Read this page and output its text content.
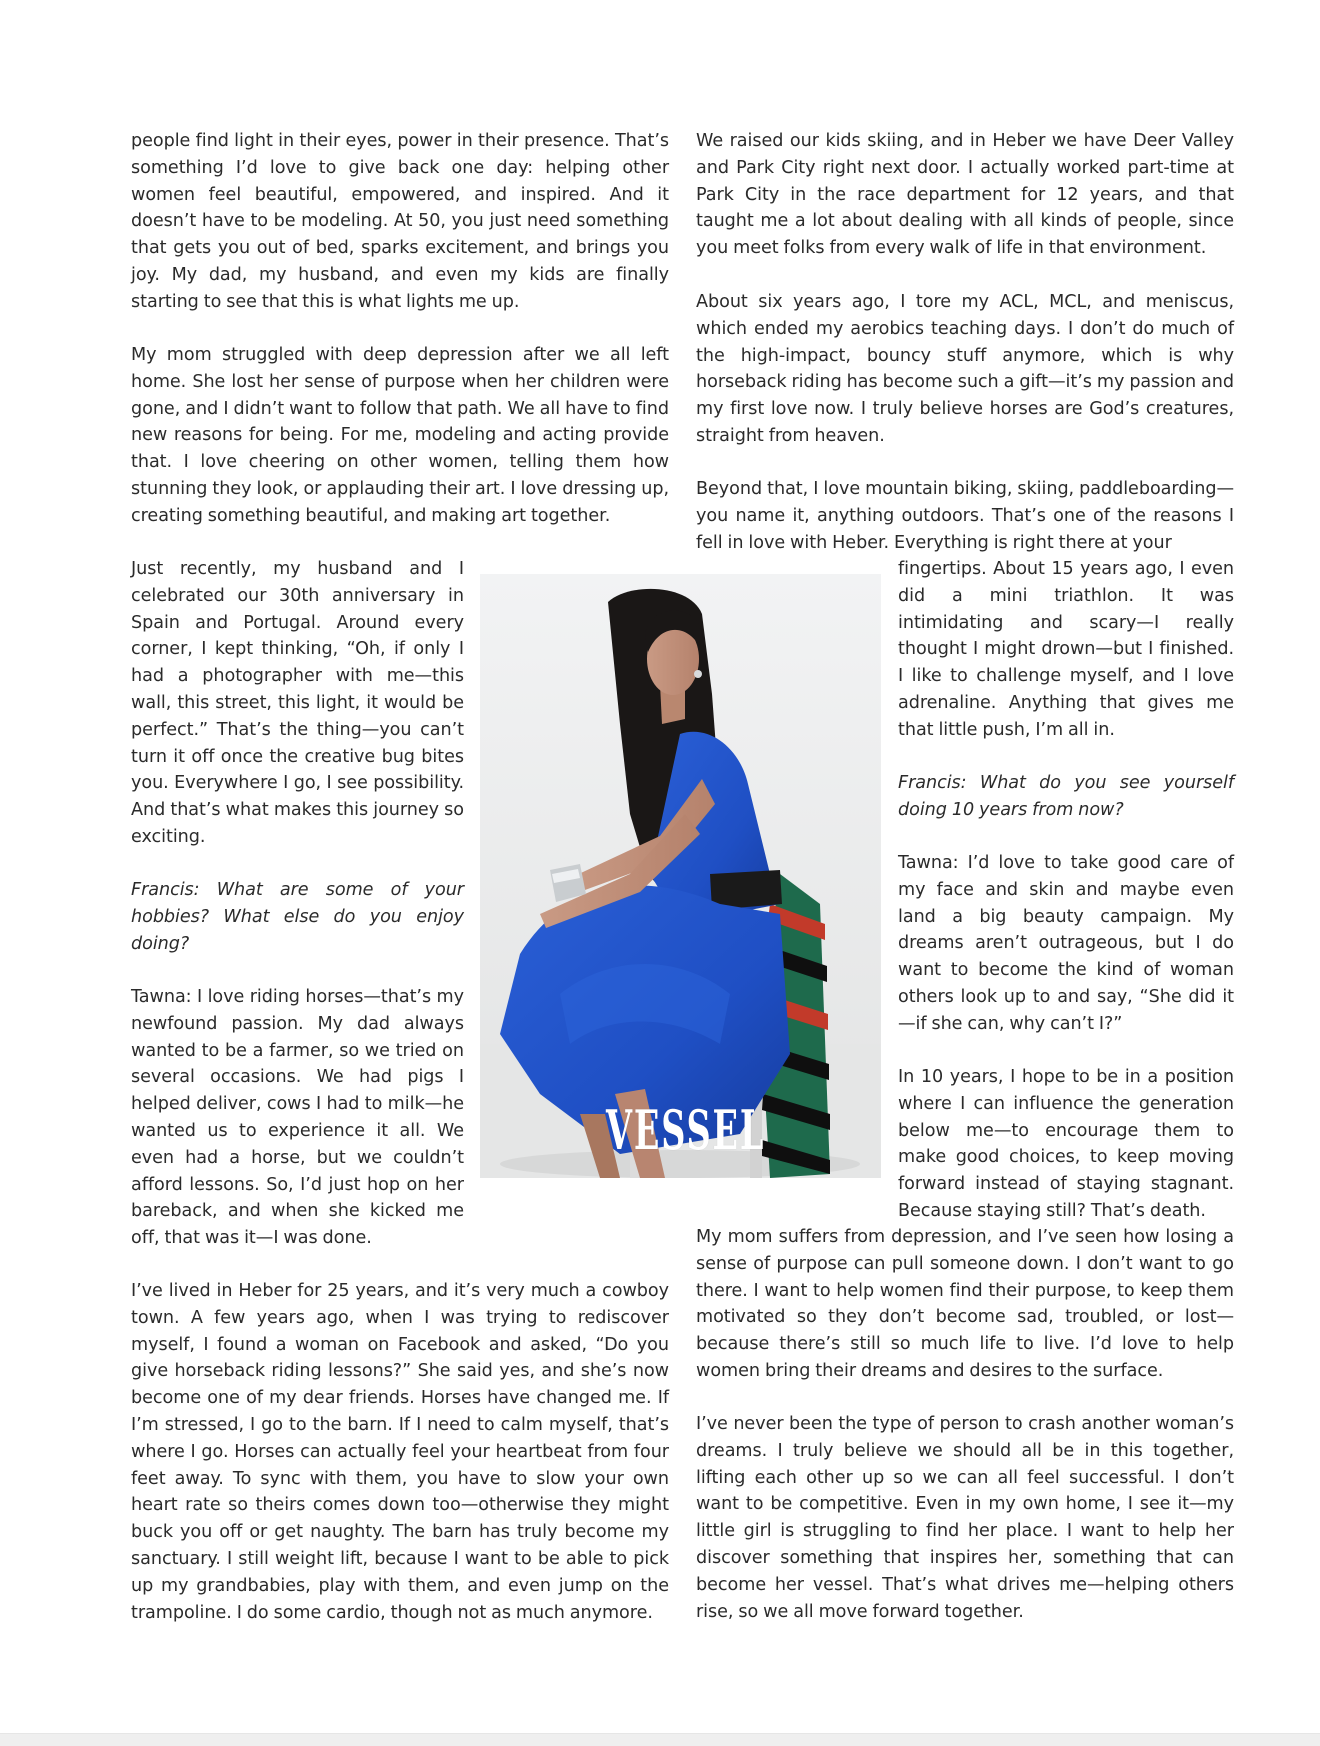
people find light in their eyes, power in their presence. That’s something I’d love to give back one day: helping other women feel beautiful, empowered, and inspired. And it doesn’t have to be modeling. At 50, you just need something that gets you out of bed, sparks excitement, and brings you joy. My dad, my husband, and even my kids are finally starting to see that this is what lights me up.

My mom struggled with deep depression after we all left home. She lost her sense of purpose when her children were gone, and I didn’t want to follow that path. We all have to find new reasons for being. For me, modeling and acting provide that. I love cheering on other women, telling them how stunning they look, or applauding their art. I love dressing up, creating something beautiful, and making art together.

Just recently, my husband and I celebrated our 30th anniversary in Spain and Portugal. Around every corner, I kept thinking, “Oh, if only I had a photographer with me—this wall, this street, this light, it would be perfect.” That’s the thing—you can’t turn it off once the creative bug bites you. Everywhere I go, I see possibility. And that’s what makes this journey so exciting.

Francis: What are some of your hobbies? What else do you enjoy doing?

Tawna: I love riding horses—that’s my newfound passion. My dad always wanted to be a farmer, so we tried on several occasions. We had pigs I helped deliver, cows I had to milk—he wanted us to experience it all. We even had a horse, but we couldn’t afford lessons. So, I’d just hop on her bareback, and when she kicked me off, that was it—I was done.

I’ve lived in Heber for 25 years, and it’s very much a cowboy town. A few years ago, when I was trying to rediscover myself, I found a woman on Facebook and asked, “Do you give horseback riding lessons?” She said yes, and she’s now become one of my dear friends. Horses have changed me. If I’m stressed, I go to the barn. If I need to calm myself, that’s where I go. Horses can actually feel your heartbeat from four feet away. To sync with them, you have to slow your own heart rate so theirs comes down too—otherwise they might buck you off or get naughty. The barn has truly become my sanctuary. I still weight lift, because I want to be able to pick up my grandbabies, play with them, and even jump on the trampoline. I do some cardio, though not as much anymore.

We raised our kids skiing, and in Heber we have Deer Valley and Park City right next door. I actually worked part-time at Park City in the race department for 12 years, and that taught me a lot about dealing with all kinds of people, since you meet folks from every walk of life in that environment.

About six years ago, I tore my ACL, MCL, and meniscus, which ended my aerobics teaching days. I don’t do much of the high-impact, bouncy stuff anymore, which is why horseback riding has become such a gift—it’s my passion and my first love now. I truly believe horses are God’s creatures, straight from heaven.

Beyond that, I love mountain biking, skiing, paddleboarding—you name it, anything outdoors. That’s one of the reasons I fell in love with Heber. Everything is right there at your

fingertips. About 15 years ago, I even did a mini triathlon. It was intimidating and scary—I really thought I might drown—but I finished. I like to challenge myself, and I love adrenaline. Anything that gives me that little push, I’m all in.

Francis: What do you see yourself doing 10 years from now?

Tawna: I’d love to take good care of my face and skin and maybe even land a big beauty campaign. My dreams aren’t outrageous, but I do want to become the kind of woman others look up to and say, “She did it—if she can, why can’t I?”

In 10 years, I hope to be in a position where I can influence the generation below me—to encourage them to make good choices, to keep moving forward instead of staying stagnant. Because staying still? That’s death.

My mom suffers from depression, and I’ve seen how losing a sense of purpose can pull someone down. I don’t want to go there. I want to help women find their purpose, to keep them motivated so they don’t become sad, troubled, or lost—because there’s still so much life to live. I’d love to help women bring their dreams and desires to the surface.

I’ve never been the type of person to crash another woman’s dreams. I truly believe we should all be in this together, lifting each other up so we can all feel successful. I don’t want to be competitive. Even in my own home, I see it—my little girl is struggling to find her place. I want to help her discover something that inspires her, something that can become her vessel. That’s what drives me—helping others rise, so we all move forward together.

VESSEL
